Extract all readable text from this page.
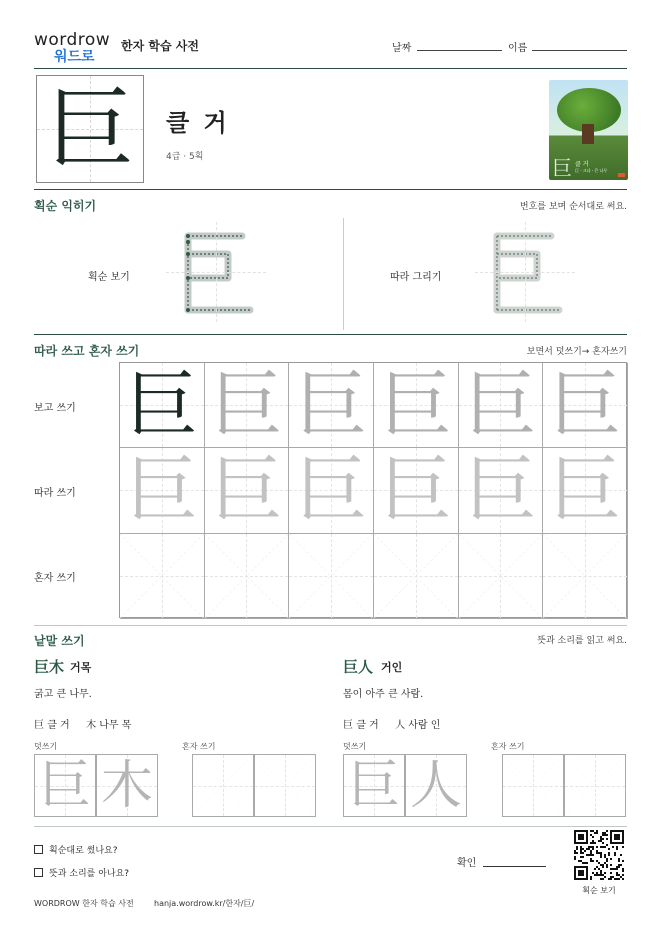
wordrow
워드로
한자 학습 사전	날짜	이름
巨	클 거
4급 · 5획	巨 클 거
巨 · 크다 · 큰 나무
획순 익히기	번호를 보며 순서대로 써요.
획순 보기	따라 그리기
따라 쓰고 혼자 쓰기	보면서 덧쓰기→ 혼자쓰기
보고 쓰기
따라 쓰기
혼자 쓰기
巨 巨 巨 巨 巨 巨
巨 巨 巨 巨 巨 巨
낱말 쓰기	뜻과 소리를 읽고 써요.
巨木 거목
굵고 큰 나무.
巨 클 거 木 나무 목
덧쓰기	혼자 쓰기
巨 木
巨人 거인
몸이 아주 큰 사람.
巨 클 거 人 사람 인
덧쓰기	혼자 쓰기
巨 人
획순대로 썼나요?
뜻과 소리를 아나요?
확인
획순 보기
WORDROW 한자 학습 사전	hanja.wordrow.kr/한자/巨/
